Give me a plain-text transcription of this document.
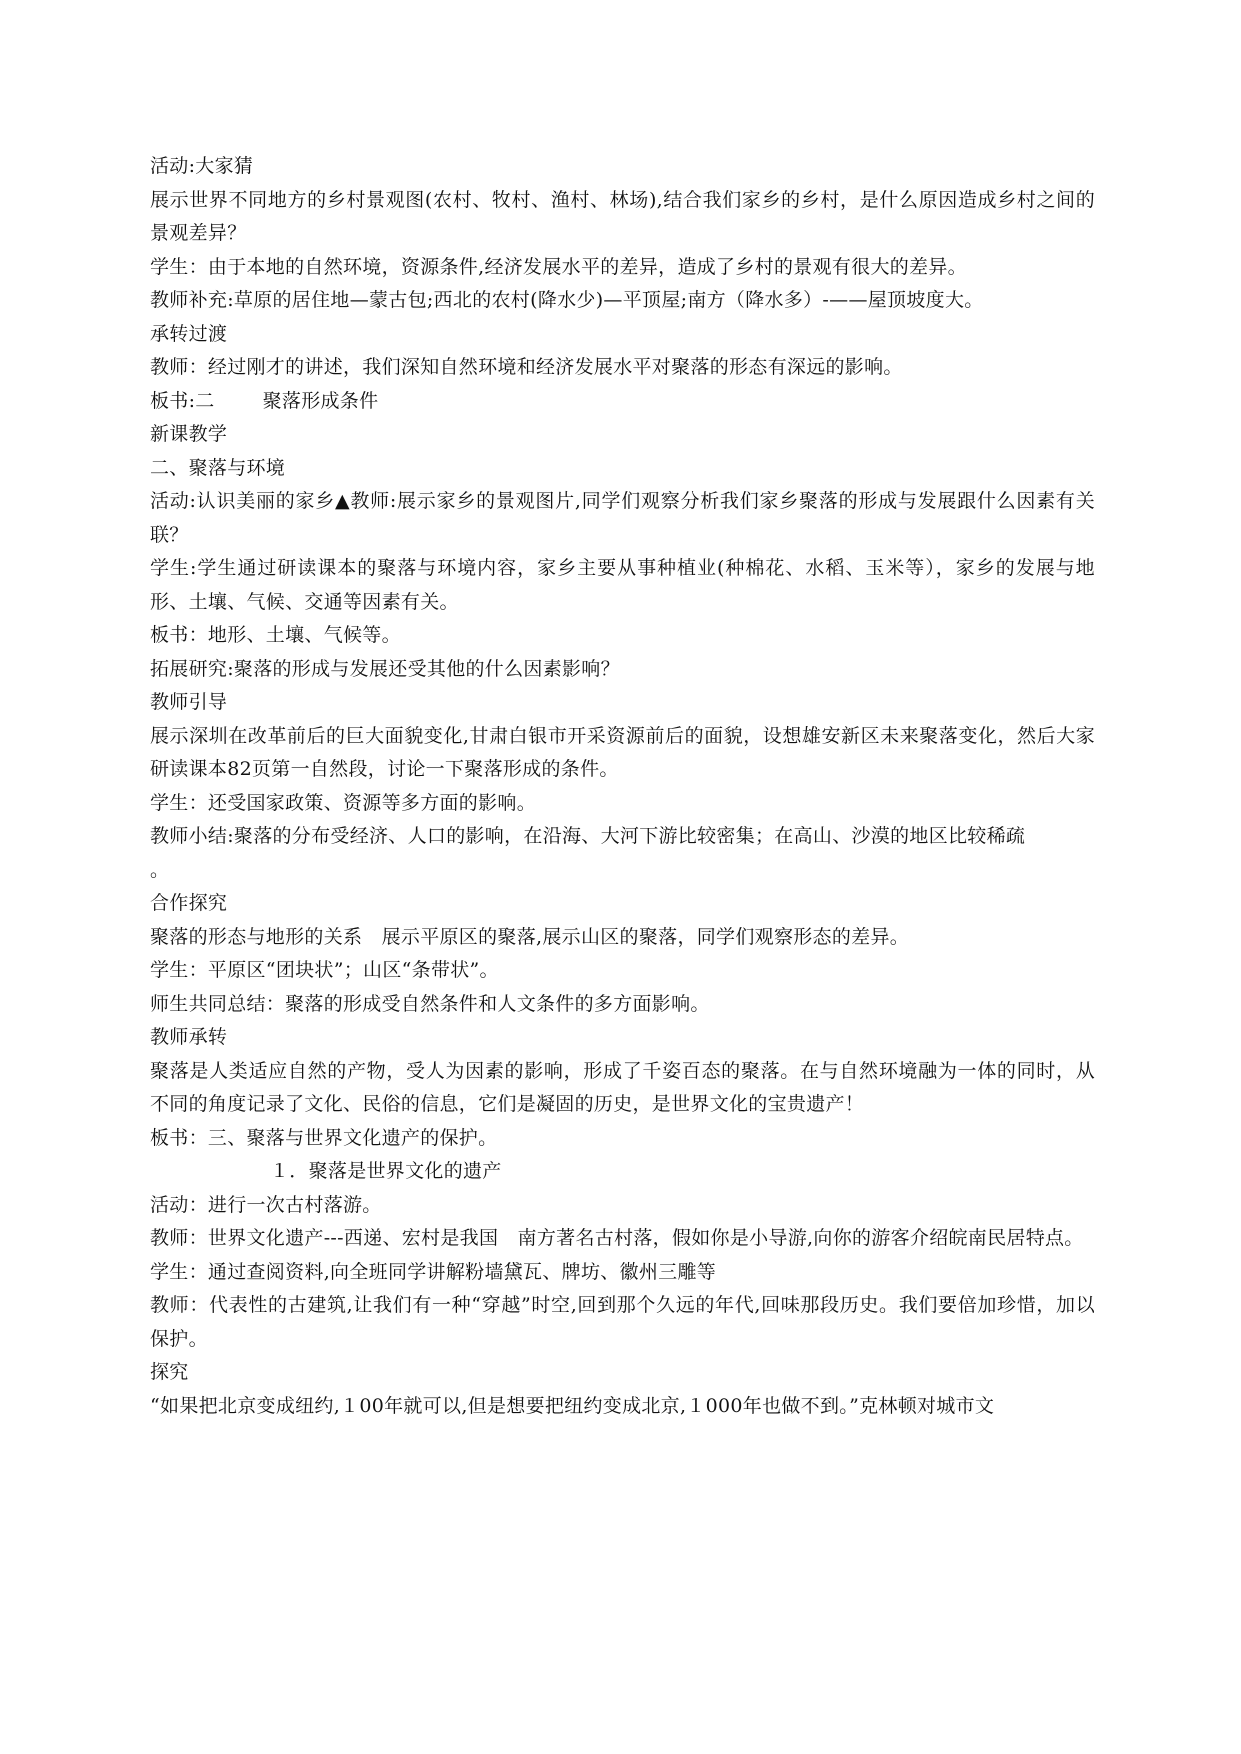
活动:大家猜
展示世界不同地方的乡村景观图(农村、牧村、渔村、林场),结合我们家乡的乡村，是什么原因造成乡村之间的景观差异？
学生：由于本地的自然环境，资源条件,经济发展水平的差异，造成了乡村的景观有很大的差异。
教师补充:草原的居住地—蒙古包;西北的农村(降水少)—平顶屋;南方（降水多）-——屋顶坡度大。
承转过渡
教师：经过刚才的讲述，我们深知自然环境和经济发展水平对聚落的形态有深远的影响。
板书:二	聚落形成条件
新课教学
二、聚落与环境
活动:认识美丽的家乡▲教师:展示家乡的景观图片,同学们观察分析我们家乡聚落的形成与发展跟什么因素有关联？
学生:学生通过研读课本的聚落与环境内容，家乡主要从事种植业(种棉花、水稻、玉米等），家乡的发展与地形、土壤、气候、交通等因素有关。
板书：地形、土壤、气候等。
拓展研究:聚落的形成与发展还受其他的什么因素影响？
教师引导
展示深圳在改革前后的巨大面貌变化,甘肃白银市开采资源前后的面貌，设想雄安新区未来聚落变化，然后大家研读课本82页第一自然段，讨论一下聚落形成的条件。
学生：还受国家政策、资源等多方面的影响。
教师小结:聚落的分布受经济、人口的影响，在沿海、大河下游比较密集；在高山、沙漠的地区比较稀疏
。
合作探究
聚落的形态与地形的关系　展示平原区的聚落,展示山区的聚落，同学们观察形态的差异。
学生：平原区“团块状”；山区“条带状”。
师生共同总结：聚落的形成受自然条件和人文条件的多方面影响。
教师承转
聚落是人类适应自然的产物，受人为因素的影响，形成了千姿百态的聚落。在与自然环境融为一体的同时，从不同的角度记录了文化、民俗的信息，它们是凝固的历史，是世界文化的宝贵遗产！
板书：三、聚落与世界文化遗产的保护。
１．聚落是世界文化的遗产
活动：进行一次古村落游。
教师：世界文化遗产---西递、宏村是我国　南方著名古村落，假如你是小导游,向你的游客介绍皖南民居特点。
学生：通过查阅资料,向全班同学讲解粉墙黛瓦、牌坊、徽州三雕等
教师：代表性的古建筑,让我们有一种“穿越”时空,回到那个久远的年代,回味那段历史。我们要倍加珍惜，加以保护。
探究
“如果把北京变成纽约,１00年就可以,但是想要把纽约变成北京,１000年也做不到。”克林顿对城市文
